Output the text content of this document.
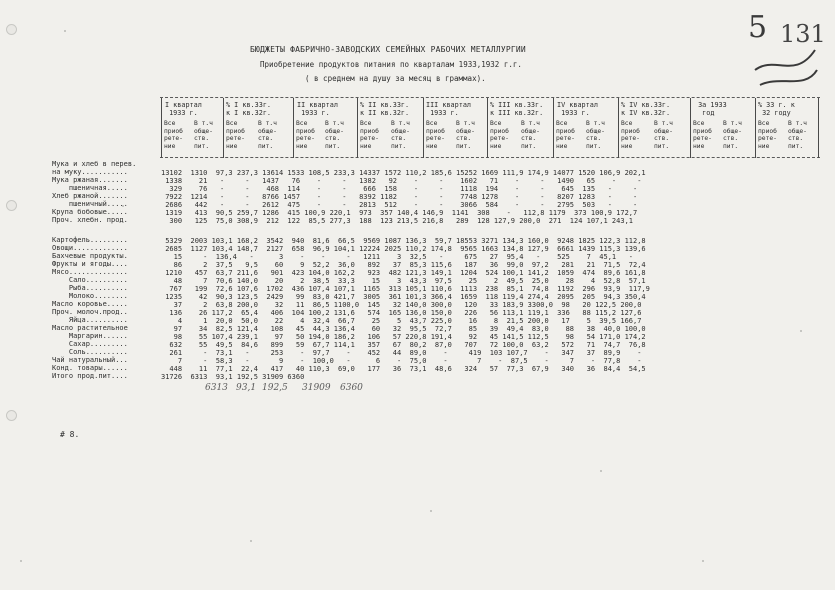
5 131
БЮДЖЕТЫ ФАБРИЧНО-ЗАВОДСКИХ СЕМЕЙНЫХ РАБОЧИХ МЕТАЛЛУРГИИ
Приобретение продуктов питания по кварталам 1933,1932 г.г.
( в среднем на душу за месяц в граммах).
I квартал
1933 г.
% I кв.33г.
к I кв.32г.
II квартал
1933 г.
% II кв.33г.
к II кв.32г.
III квартал
1933 г.
% III кв.33г.
к III кв.32г.
IV квартал
1933 г.
% IV кв.33г.
к IV кв.32г.
За 1933
год
% 33 г. к
32 году
Все
приоб
рете-
ние
В т.ч
обще-
ств.
пит.
Все
приоб
рете-
ние
В т.ч
обще-
ств.
пит.
Все
приоб
рете-
ние
В т.ч
обще-
ств.
пит.
Все
приоб
рете-
ние
В т.ч
обще-
ств.
пит.
Все
приоб
рете-
ние
В т.ч
обще-
ств.
пит.
Все
приоб
рете-
ние
В т.ч
обще-
ств.
пит.
Все
приоб
рете-
ние
В т.ч
обще-
ств.
пит.
Все
приоб
рете-
ние
В т.ч
обще-
ств.
пит.
Все
приоб
рете-
ние
В т.ч
обще-
ств.
пит.
Все
приоб
рете-
ние
В т.ч
обще-
ств.
пит.
Мука и хлеб в перев.
на муку...........
Мука ржаная.......
пшеничная.....
Хлеб ржаной.......
пшеничный.....
Крупа бобовые.....
Проч. хлебн. прод.
Картофель.........
Овощи.............
Бахчевые продукты.
Фрукты и ягоды....
Мясо..............
Сало..........
Рыба..........
Молоко........
Масло коровье.....
Проч. молоч.прод..
Яйца..........
Масло растительное
Маргарин......
Сахар.........
Соль..........
Чай натуральный...
Конд. товары......
Итого прод.пит....
13102  1310  97,3 237,3 13614 1533 108,5 233,3 14337 1572 110,2 185,6 15252 1669 111,9 174,9 14077 1520 106,9 202,1
1338    21   -     -   1437   76    -     -   1382   92    -     -    1602   71    -     -   1490   65    -     -
329    76   -     -    468  114    -     -    666  158    -     -    1118  194    -     -    645  135   -     -
7922  1214   -     -   8766 1457    -     -   8392 1182    -     -    7748 1278    -     -   8207 1283   -     -
2686   442   -     -   2612  475    -     -   2813  512    -     -    3066  584    -     -   2795  503   -     -
1319   413  90,5 259,7 1286  415 100,9 220,1  973  357 140,4 146,9  1141  308    -   112,8 1179  373 100,9 172,7
300   125  75,0 308,9  212  122  85,5 277,3  188  123 213,5 216,8   289  128 127,9 200,0  271  124 107,1 243,1
5329  2003 103,1 168,2  3542  940  81,6  66,5  9569 1087 136,3  59,7 18553 3271 134,3 160,0  9248 1825 122,3 112,8
2685  1127 103,4 148,7  2127  658  96,9 104,1 12224 2025 110,2 174,8  9565 1663 134,8 127,9  6661 1439 115,3 139,6
15     -  136,4   -      3    -    -     -   1211    3  32,5   -     675   27  95,4   -    525    7  45,1   -
86     2  37,5   9,5    60    9  52,2  36,0   892   37  85,3 115,6   187   36  99,0  97,2   281   21  71,5  72,4
1210   457  63,7 211,6   901  423 104,0 162,2   923  482 121,3 149,1  1204  524 100,1 141,2  1059  474  89,6 161,8
48     7  70,6 140,0    20    2  38,5  33,3    15    3  43,3  97,5    25    2  49,5  25,0    28    4  52,8  57,1
767   199  72,6 107,6  1702  436 107,4 107,1  1165  313 105,1 110,6  1113  238  85,1  74,8  1192  296  93,9  117,9
1235    42  90,3 123,5  2429   99  83,0 421,7  3005  361 101,3 366,4  1659  118 119,4 274,4  2095  205  94,3 350,4
37     2  63,8 200,0    32   11  86,5 1100,0  145   32 140,0 300,0   120   33 183,9 3300,0  98   20 122,5 200,0
136    26 117,2  65,4   406  104 100,2 131,6   574  165 136,0 150,0   226   56 113,1 119,1  336   88 115,2 127,6
4     1  20,0  50,0    22    4  32,4  66,7    25    5  43,7 225,0    16    8  21,5 200,0   17    5  39,5 166,7
97    34  82,5 121,4   108   45  44,3 136,4    60   32  95,5  72,7    85   39  49,4  83,0    88   38  40,0 100,0
98    55 107,4 239,1    97   50 194,0 186,2   106   57 220,8 191,4    92   45 141,5 112,5    98   54 171,0 174,2
632    55  49,5  84,6   899   59  67,7 114,1   357   67  80,2  87,0   707   72 100,0  63,2   572   71  74,7  76,8
261     -  73,1   -     253    -  97,7    -    452   44  89,0    -     419  103 107,7    -   347   37  89,9    -
7     -  58,3   -       9    -  100,0   -      6    -  75,0    -       7    -  87,5    -     7    -  77,8    -
448    11  77,1  22,4   417   40 110,3  69,0   177   36  73,1  48,6   324   57  77,3  67,9   340   36  84,4  54,5
31726  6313  93,1 192,5 31909 6360
6313 93,1 192,5 31909 6360
# 8.
